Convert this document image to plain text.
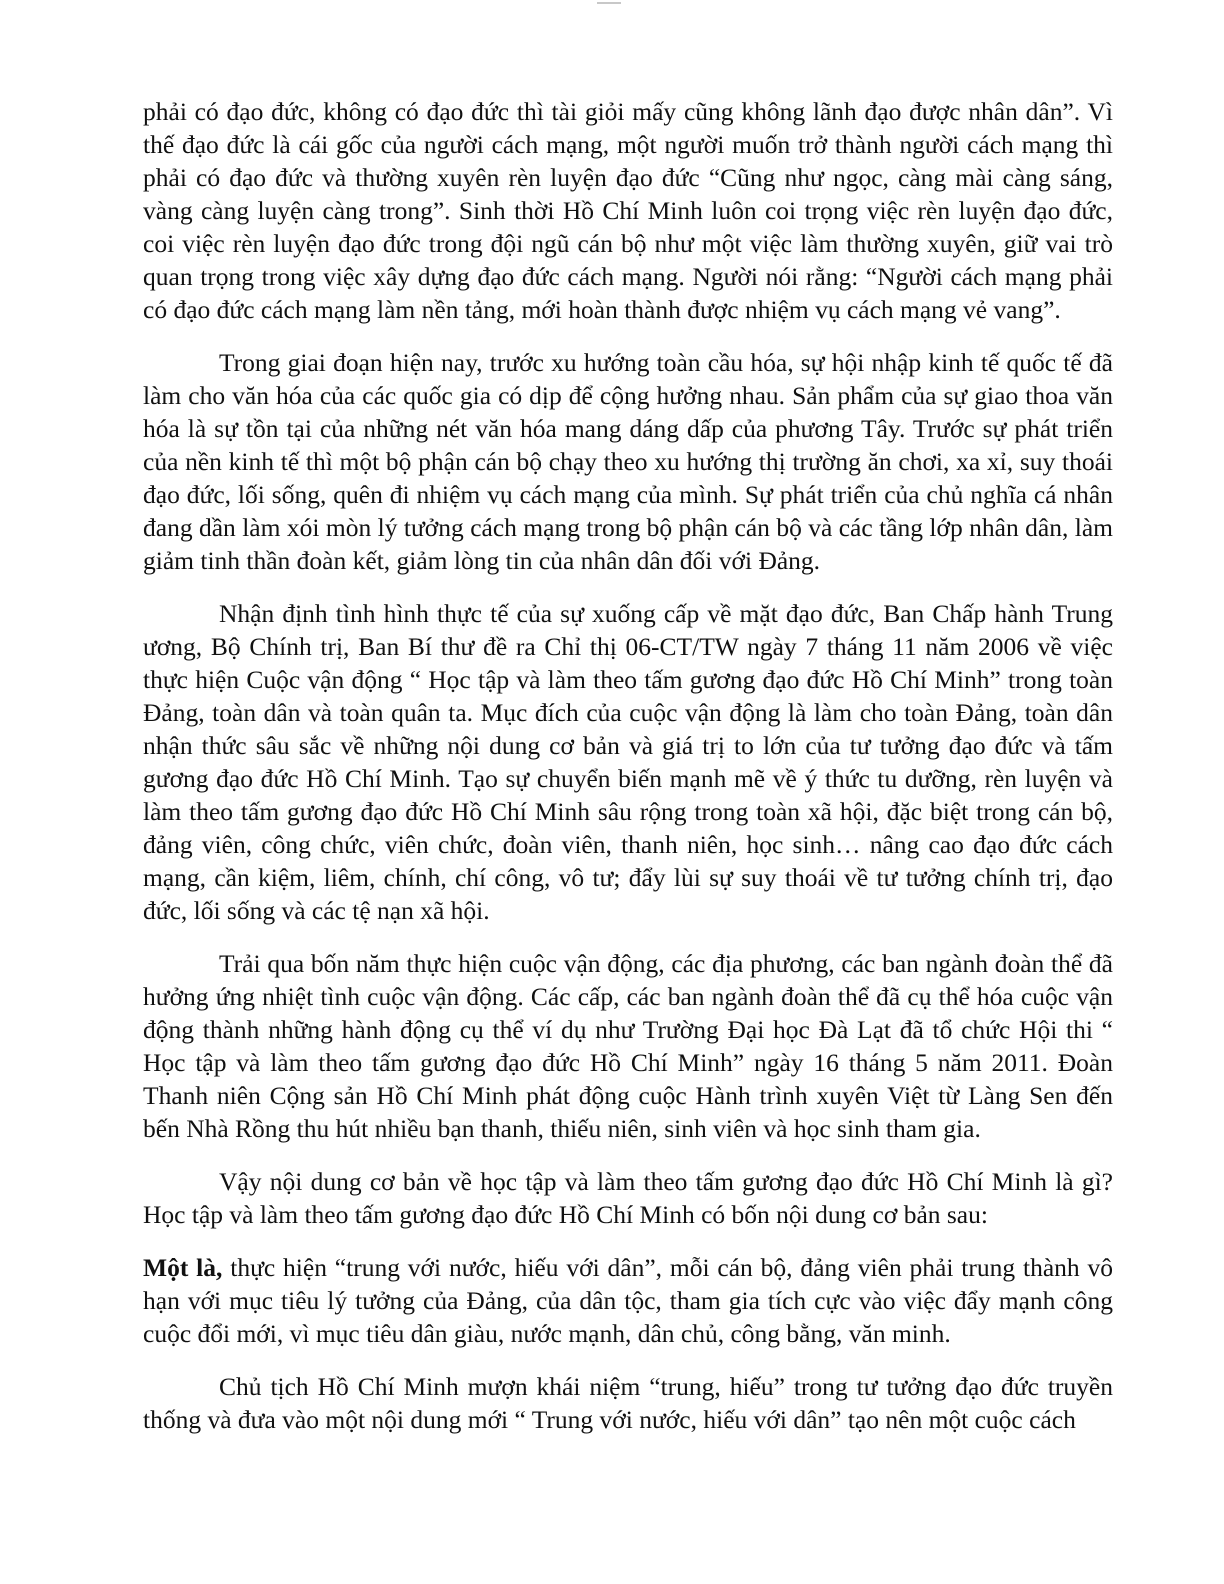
phải có đạo đức, không có đạo đức thì tài giỏi mấy cũng không lãnh đạo được nhân dân”. Vì thế đạo đức là cái gốc của người cách mạng, một người muốn trở thành người cách mạng thì phải có đạo đức và thường xuyên rèn luyện đạo đức “Cũng như ngọc, càng mài càng sáng, vàng càng luyện càng trong”. Sinh thời Hồ Chí Minh luôn coi trọng việc rèn luyện đạo đức, coi việc rèn luyện đạo đức trong đội ngũ cán bộ như một việc làm thường xuyên, giữ vai trò quan trọng trong việc xây dựng đạo đức cách mạng. Người nói rằng: “Người cách mạng phải có đạo đức cách mạng làm nền tảng, mới hoàn thành được nhiệm vụ cách mạng vẻ vang”.

Trong giai đoạn hiện nay, trước xu hướng toàn cầu hóa, sự hội nhập kinh tế quốc tế đã làm cho văn hóa của các quốc gia có dịp để cộng hưởng nhau. Sản phẩm của sự giao thoa văn hóa là sự tồn tại của những nét văn hóa mang dáng dấp của phương Tây. Trước sự phát triển của nền kinh tế thì một bộ phận cán bộ chạy theo xu hướng thị trường ăn chơi, xa xỉ, suy thoái đạo đức, lối sống, quên đi nhiệm vụ cách mạng của mình. Sự phát triển của chủ nghĩa cá nhân đang dần làm xói mòn lý tưởng cách mạng trong bộ phận cán bộ và các tầng lớp nhân dân, làm giảm tinh thần đoàn kết, giảm lòng tin của nhân dân đối với Đảng.

Nhận định tình hình thực tế của sự xuống cấp về mặt đạo đức, Ban Chấp hành Trung ương, Bộ Chính trị, Ban Bí thư đề ra Chỉ thị 06-CT/TW ngày 7 tháng 11 năm 2006 về việc thực hiện Cuộc vận động “ Học tập và làm theo tấm gương đạo đức Hồ Chí Minh” trong toàn Đảng, toàn dân và toàn quân ta. Mục đích của cuộc vận động là làm cho toàn Đảng, toàn dân nhận thức sâu sắc về những nội dung cơ bản và giá trị to lớn của tư tưởng đạo đức và tấm gương đạo đức Hồ Chí Minh. Tạo sự chuyển biến mạnh mẽ về ý thức tu dưỡng, rèn luyện và làm theo tấm gương đạo đức Hồ Chí Minh sâu rộng trong toàn xã hội, đặc biệt trong cán bộ, đảng viên, công chức, viên chức, đoàn viên, thanh niên, học sinh… nâng cao đạo đức cách mạng, cần kiệm, liêm, chính, chí công, vô tư; đẩy lùi sự suy thoái về tư tưởng chính trị, đạo đức, lối sống và các tệ nạn xã hội.

Trải qua bốn năm thực hiện cuộc vận động, các địa phương, các ban ngành đoàn thể đã hưởng ứng nhiệt tình cuộc vận động. Các cấp, các ban ngành đoàn thể đã cụ thể hóa cuộc vận động thành những hành động cụ thể ví dụ như Trường Đại học Đà Lạt đã tổ chức Hội thi “ Học tập và làm theo tấm gương đạo đức Hồ Chí Minh” ngày 16 tháng 5 năm 2011. Đoàn Thanh niên Cộng sản Hồ Chí Minh phát động cuộc Hành trình xuyên Việt từ Làng Sen đến bến Nhà Rồng thu hút nhiều bạn thanh, thiếu niên, sinh viên và học sinh tham gia.

Vậy nội dung cơ bản về học tập và làm theo tấm gương đạo đức Hồ Chí Minh là gì? Học tập và làm theo tấm gương đạo đức Hồ Chí Minh có bốn nội dung cơ bản sau:

Một là, thực hiện “trung với nước, hiếu với dân”, mỗi cán bộ, đảng viên phải trung thành vô hạn với mục tiêu lý tưởng của Đảng, của dân tộc, tham gia tích cực vào việc đẩy mạnh công cuộc đổi mới, vì mục tiêu dân giàu, nước mạnh, dân chủ, công bằng, văn minh.

Chủ tịch Hồ Chí Minh mượn khái niệm “trung, hiếu” trong tư tưởng đạo đức truyền thống và đưa vào một nội dung mới “ Trung với nước, hiếu với dân” tạo nên một cuộc cách
